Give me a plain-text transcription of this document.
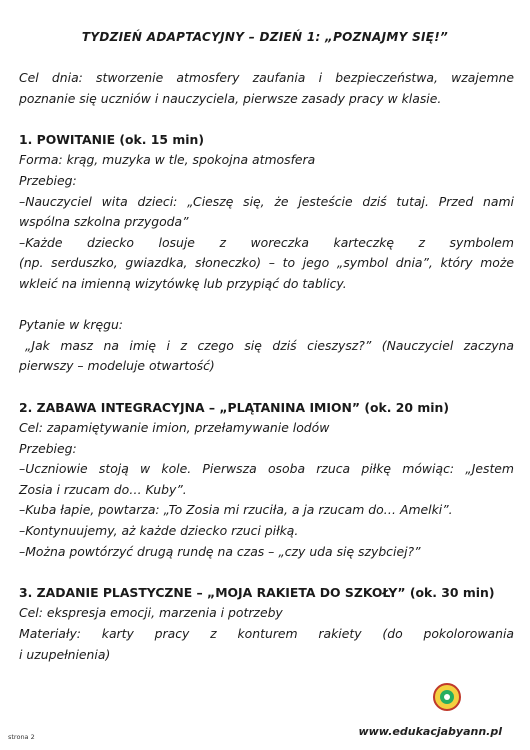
TYDZIEŃ ADAPTACYJNY – DZIEŃ 1: „POZNAJMY SIĘ!”

Cel dnia: stworzenie atmosfery zaufania i bezpieczeństwa, wzajemne

poznanie się uczniów i nauczyciela, pierwsze zasady pracy w klasie.

1. POWITANIE (ok. 15 min)

Forma: krąg, muzyka w tle, spokojna atmosfera

Przebieg:

–Nauczyciel wita dzieci: „Cieszę się, że jesteście dziś tutaj. Przed nami

wspólna szkolna przygoda”

–Każde dziecko losuje z woreczka karteczkę z symbolem

(np. serduszko, gwiazdka, słoneczko) – to jego „symbol dnia”, który może

wkleić na imienną wizytówkę lub przypiąć do tablicy.

Pytanie w kręgu:

„Jak masz na imię i z czego się dziś cieszysz?” (Nauczyciel zaczyna

pierwszy – modeluje otwartość)

2. ZABAWA INTEGRACYJNA – „PLĄTANINA IMION” (ok. 20 min)

Cel: zapamiętywanie imion, przełamywanie lodów

Przebieg:

–Uczniowie stoją w kole. Pierwsza osoba rzuca piłkę mówiąc: „Jestem

Zosia i rzucam do… Kuby”.

–Kuba łapie, powtarza: „To Zosia mi rzuciła, a ja rzucam do… Amelki”.

–Kontynuujemy, aż każde dziecko rzuci piłką.

–Można powtórzyć drugą rundę na czas – „czy uda się szybciej?”

3. ZADANIE PLASTYCZNE – „MOJA RAKIETA DO SZKOŁY” (ok. 30 min)

Cel: ekspresja emocji, marzenia i potrzeby

Materiały: karty pracy z konturem rakiety (do pokolorowania

i uzupełnienia)

strona 2	www.edukacjabyann.pl
